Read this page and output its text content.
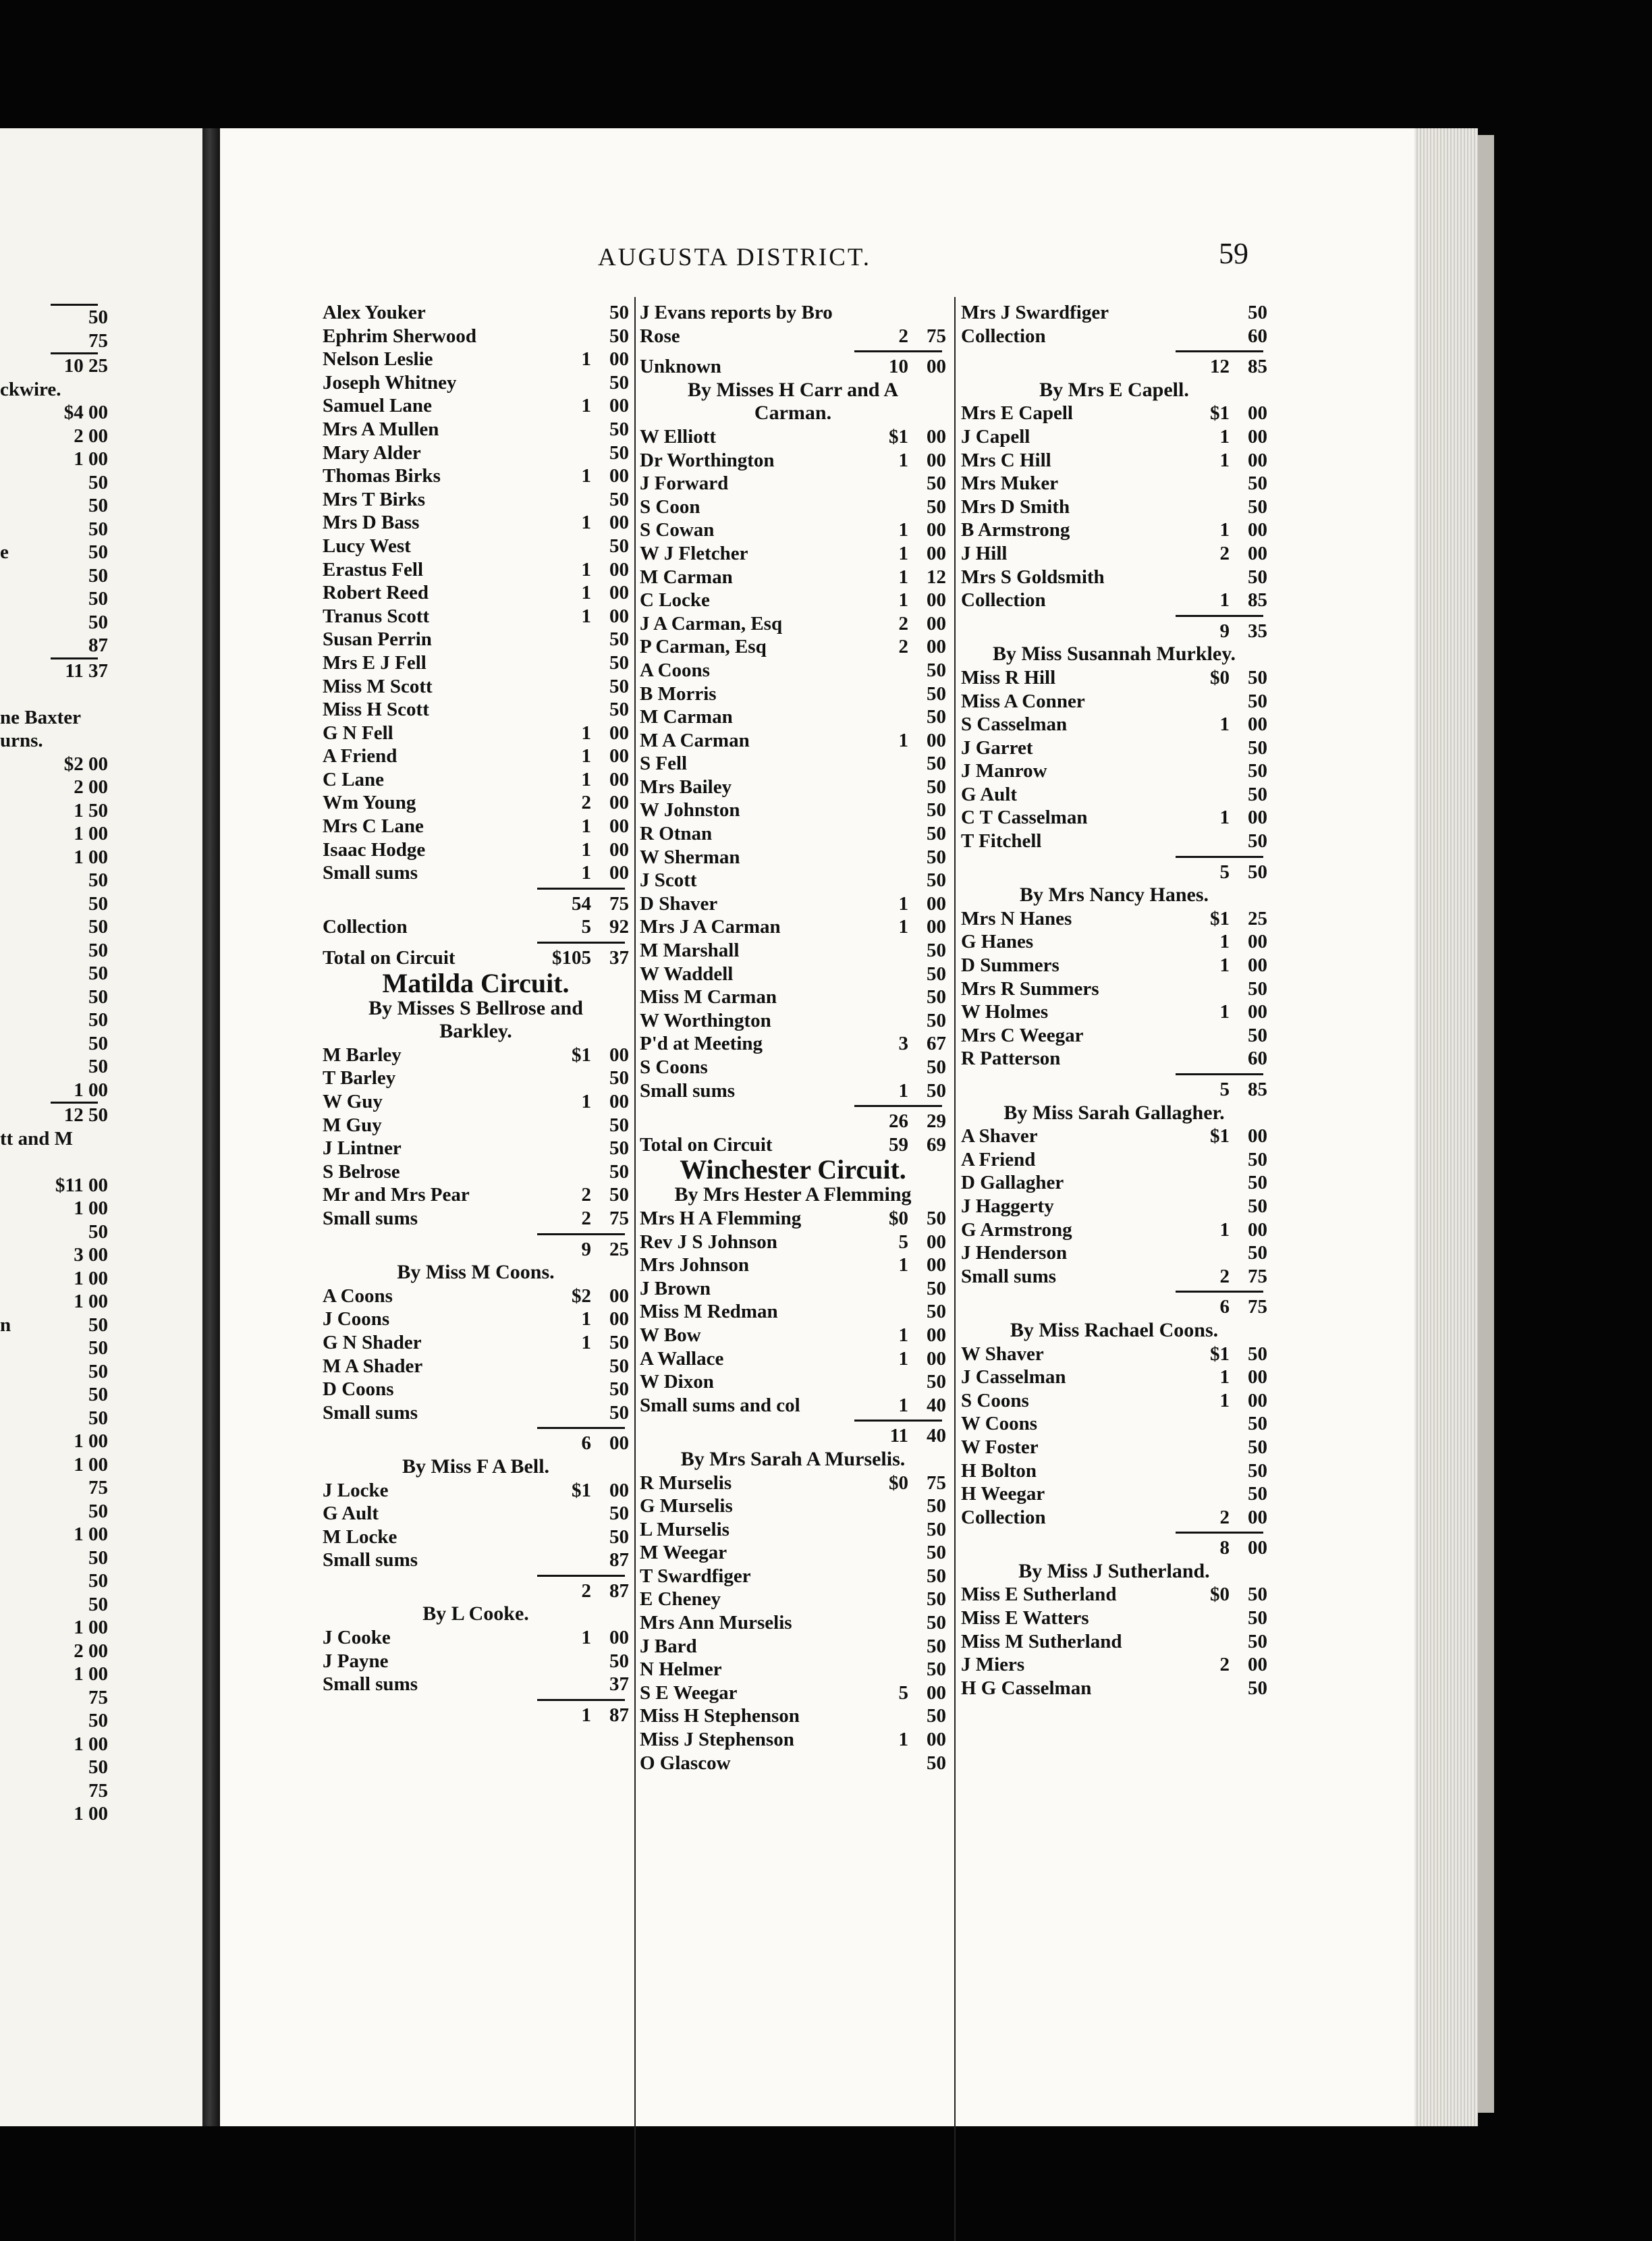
50
75
10 25
ckwire.
$4 00
2 00
1 00
50
50
50
e	50
50
50
50
87
11 37
ne Baxter
urns.
$2 00
2 00
1 50
1 00
1 00
50
50
50
50
50
50
50
50
50
1 00
12 50
tt and M
$11 00
1 00
50
3 00
1 00
1 00
n	50
50
50
50
50
1 00
1 00
75
50
1 00
50
50
50
1 00
2 00
1 00
75
50
1 00
50
75
1 00
AUGUSTA DISTRICT.	59
Alex Youker	50
Ephrim Sherwood	50
Nelson Leslie	1 00
Joseph Whitney	50
Samuel Lane	1 00
Mrs A Mullen	50
Mary Alder	50
Thomas Birks	1 00
Mrs T Birks	50
Mrs D Bass	1 00
Lucy West	50
Erastus Fell	1 00
Robert Reed	1 00
Tranus Scott	1 00
Susan Perrin	50
Mrs E J Fell	50
Miss M Scott	50
Miss H Scott	50
G N Fell	1 00
A Friend	1 00
C Lane	1 00
Wm Young	2 00
Mrs C Lane	1 00
Isaac Hodge	1 00
Small sums	1 00
54 75
Collection	5 92
Total on Circuit	$105 37
Matilda Circuit.
By Misses S Bellrose and
Barkley.
M Barley	$1 00
T Barley	50
W Guy	1 00
M Guy	50
J Lintner	50
S Belrose	50
Mr and Mrs Pear	2 50
Small sums	2 75
9 25
By Miss M Coons.
A Coons	$2 00
J Coons	1 00
G N Shader	1 50
M A Shader	50
D Coons	50
Small sums	50
6 00
By Miss F A Bell.
J Locke	$1 00
G Ault	50
M Locke	50
Small sums	87
2 87
By L Cooke.
J Cooke	1 00
J Payne	50
Small sums	37
1 87
J Evans reports by Bro
Rose	2 75
Unknown	10 00
By Misses H Carr and A
Carman.
W Elliott	$1 00
Dr Worthington	1 00
J Forward	50
S Coon	50
S Cowan	1 00
W J Fletcher	1 00
M Carman	1 12
C Locke	1 00
J A Carman, Esq	2 00
P Carman, Esq	2 00
A Coons	50
B Morris	50
M Carman	50
M A Carman	1 00
S Fell	50
Mrs Bailey	50
W Johnston	50
R Otnan	50
W Sherman	50
J Scott	50
D Shaver	1 00
Mrs J A Carman	1 00
M Marshall	50
W Waddell	50
Miss M Carman	50
W Worthington	50
P'd at Meeting	3 67
S Coons	50
Small sums	1 50
26 29
Total on Circuit	59 69
Winchester Circuit.
By Mrs Hester A Flemming
Mrs H A Flemming	$0 50
Rev J S Johnson	5 00
Mrs Johnson	1 00
J Brown	50
Miss M Redman	50
W Bow	1 00
A Wallace	1 00
W Dixon	50
Small sums and col	1 40
11 40
By Mrs Sarah A Murselis.
R Murselis	$0 75
G Murselis	50
L Murselis	50
M Weegar	50
T Swardfiger	50
E Cheney	50
Mrs Ann Murselis	50
J Bard	50
N Helmer	50
S E Weegar	5 00
Miss H Stephenson	50
Miss J Stephenson	1 00
O Glascow	50
Mrs J Swardfiger	50
Collection	60
12 85
By Mrs E Capell.
Mrs E Capell	$1 00
J Capell	1 00
Mrs C Hill	1 00
Mrs Muker	50
Mrs D Smith	50
B Armstrong	1 00
J Hill	2 00
Mrs S Goldsmith	50
Collection	1 85
9 35
By Miss Susannah Murkley.
Miss R Hill	$0 50
Miss A Conner	50
S Casselman	1 00
J Garret	50
J Manrow	50
G Ault	50
C T Casselman	1 00
T Fitchell	50
5 50
By Mrs Nancy Hanes.
Mrs N Hanes	$1 25
G Hanes	1 00
D Summers	1 00
Mrs R Summers	50
W Holmes	1 00
Mrs C Weegar	50
R Patterson	60
5 85
By Miss Sarah Gallagher.
A Shaver	$1 00
A Friend	50
D Gallagher	50
J Haggerty	50
G Armstrong	1 00
J Henderson	50
Small sums	2 75
6 75
By Miss Rachael Coons.
W Shaver	$1 50
J Casselman	1 00
S Coons	1 00
W Coons	50
W Foster	50
H Bolton	50
H Weegar	50
Collection	2 00
8 00
By Miss J Sutherland.
Miss E Sutherland	$0 50
Miss E Watters	50
Miss M Sutherland	50
J Miers	2 00
H G Casselman	50
